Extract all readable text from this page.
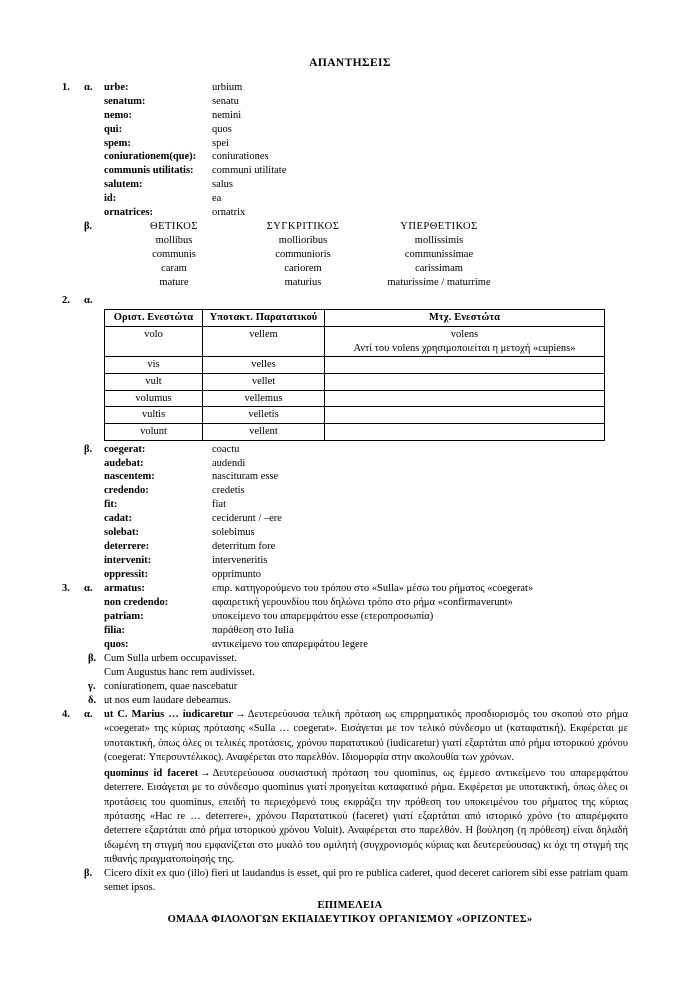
ΑΠΑΝΤΗΣΕΙΣ
1.	α.	urbe:	urbium
senatum:	senatu
nemo:	nemini
qui:	quos
spem:	spei
coniurationem(que):	coniurationes
communis utilitatis:	communi utilitate
salutem:	salus
id:	ea
ornatrices:	ornatrix
β.	ΘΕΤΙΚΟΣ	ΣΥΓΚΡΙΤΙΚΟΣ	ΥΠΕΡΘΕΤΙΚΟΣ
mollibus	mollioribus	mollissimis
communis	communioris	communissimae
caram	cariorem	carissimam
mature	maturius	maturissime / maturrime
2.	α.
Οριστ. Ενεστώτα	Υποτακτ. Παρατατικού	Μτχ. Ενεστώτα
volo	vellem	volens
Αντί του volens χρησιμοποιείται η μετοχή «cupiens»

vis	velles	
vult	vellet	
volumus	vellemus	
vultis	velletis	
volunt	vellent	
β.	coegerat:	coactu
audebat:	audendi
nascentem:	nascituram esse
credendo:	credetis
fit:	fiat
cadat:	ceciderunt / –ere
solebat:	solebimus
deterrere:	deterritum fore
intervenit:	interveneritis
oppressit:	opprimunto
3.	α.	armatus:	επιρ. κατηγορούμενο του τρόπου στο «Sulla» μέσω του ρήματος «coegerat»
non credendo:	αφαιρετική γερουνδίου που δηλώνει τρόπο στο ρήμα «confirmaverunt»
patriam:	υποκείμενο του απαρεμφάτου esse (ετεροπροσωπία)
filia:	παράθεση στο Iulia
quos:	αντικείμενο του απαρεμφάτου legere
β. Cum Sulla urbem occupavisset.
Cum Augustus hanc rem audivisset.
γ. coniurationem, quae nascebatur
δ. ut nos eum laudare debeamus.
4.	α.	ut C. Marius … iudicaretur → Δευτερεύουσα τελική πρόταση ως επιρρηματικός προσδιορισμός του σκοπού στο ρήμα «coegerat» της κύριας πρότασης «Sulla … coegerat». Εισάγεται με τον τελικό σύνδεσμο ut (καταφατική). Εκφέρεται με υποτακτική, όπως όλες οι τελικές προτάσεις, χρόνου παρατατικού (iudicaretur) γιατί εξαρτάται από ρήμα ιστορικού χρόνου (coegerat: Υπερσυντέλικος). Αναφέρεται στο παρελθόν. Ιδιομορφία στην ακολουθία των χρόνων.

quominus id faceret → Δευτερεύουσα ουσιαστική πρόταση του quominus, ως έμμεσο αντικείμενο του απαρεμφάτου deterrere. Εισάγεται με το σύνδεσμο quominus γιατί προηγείται καταφατικό ρήμα. Εκφέρεται με υποτακτική, όπως όλες οι προτάσεις του quominus, επειδή το περιεχόμενό τους εκφράζει την πρόθεση του υποκειμένου του ρήματος της κύριας πρότασης «Hac re … deterrere», χρόνου Παρατατικού (faceret) γιατί εξαρτάται από ιστορικό χρόνο (το απαρέμφατο deterrere εξαρτάται από ρήμα ιστορικού χρόνου Voluit). Αναφέρεται στο παρελθόν. Η βούληση (η πρόθεση) είναι δηλαδή ιδωμένη τη στιγμή που εμφανίζεται στο μυαλό του ομιλητή (συγχρονισμός κύριας και δευτερεύουσας) κι όχι τη στιγμή της πιθανής πραγματοποίησής της.

β.	Cicero dixit ex quo (illo) fieri ut laudandus is esset, qui pro re publica caderet, quod deceret cariorem sibi esse patriam quam semet ipsos.
ΕΠΙΜΕΛΕΙΑ
ΟΜΑΔΑ ΦΙΛΟΛΟΓΩΝ ΕΚΠΑΙΔΕΥΤΙΚΟΥ ΟΡΓΑΝΙΣΜΟΥ «ΟΡΙΖΟΝΤΕΣ»
